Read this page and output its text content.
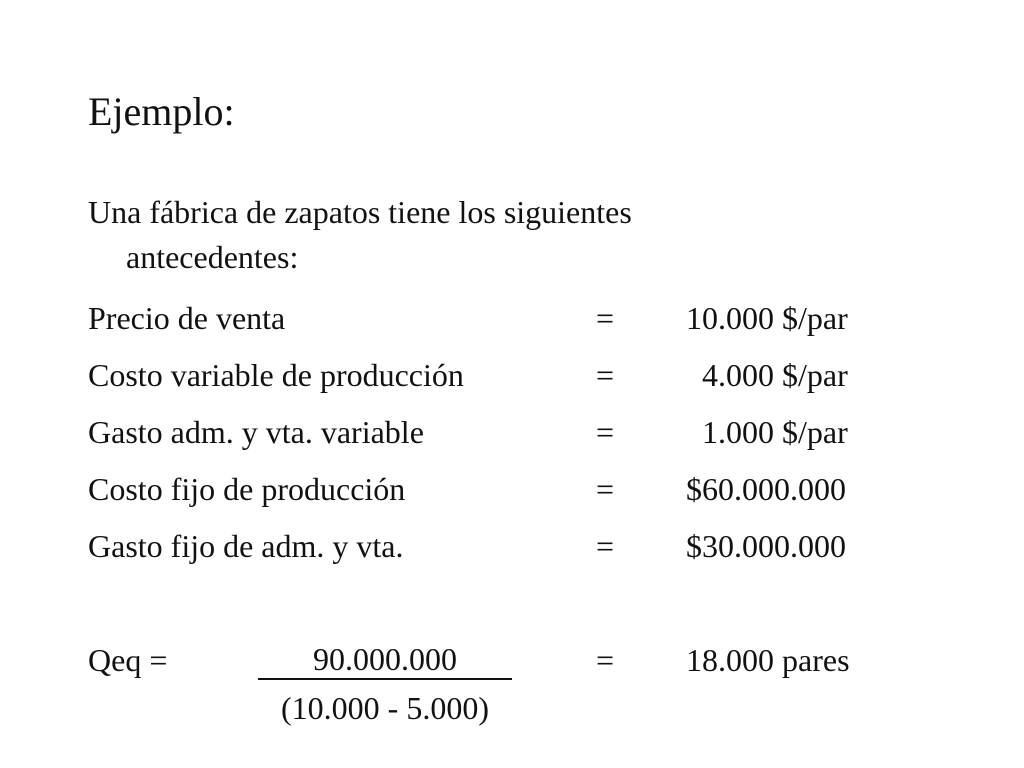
Ejemplo:
Una fábrica de zapatos tiene los siguientes
antecedentes:
Precio de venta	= 10.000 $/par
Costo variable de producción	= 4.000 $/par
Gasto adm. y vta. variable	= 1.000 $/par
Costo fijo de producción	= $60.000.000
Gasto fijo de adm. y vta.	= $30.000.000
Qeq =	90.000.000
(10.000 - 5.000)
= 18.000 pares
